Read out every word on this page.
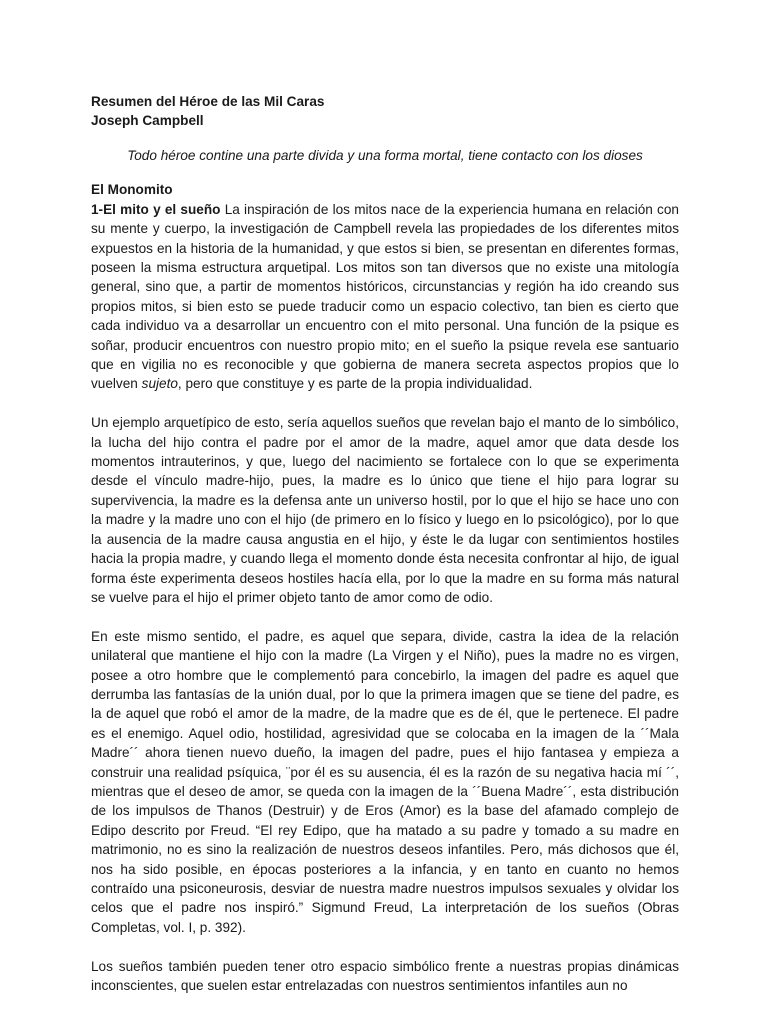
Resumen del Héroe de las Mil Caras
Joseph Campbell
Todo héroe contine una parte divida y una forma mortal, tiene contacto con los dioses
El Monomito

1-El mito y el sueño La inspiración de los mitos nace de la experiencia humana en relación con su mente y cuerpo, la investigación de Campbell revela las propiedades de los diferentes mitos expuestos en la historia de la humanidad, y que estos si bien, se presentan en diferentes formas, poseen la misma estructura arquetipal. Los mitos son tan diversos que no existe una mitología general, sino que, a partir de momentos históricos, circunstancias y región ha ido creando sus propios mitos, si bien esto se puede traducir como un espacio colectivo, tan bien es cierto que cada individuo va a desarrollar un encuentro con el mito personal. Una función de la psique es soñar, producir encuentros con nuestro propio mito; en el sueño la psique revela ese santuario que en vigilia no es reconocible y que gobierna de manera secreta aspectos propios que lo vuelven sujeto, pero que constituye y es parte de la propia individualidad.

Un ejemplo arquetípico de esto, sería aquellos sueños que revelan bajo el manto de lo simbólico, la lucha del hijo contra el padre por el amor de la madre, aquel amor que data desde los momentos intrauterinos, y que, luego del nacimiento se fortalece con lo que se experimenta desde el vínculo madre-hijo, pues, la madre es lo único que tiene el hijo para lograr su supervivencia, la madre es la defensa ante un universo hostil, por lo que el hijo se hace uno con la madre y la madre uno con el hijo (de primero en lo físico y luego en lo psicológico), por lo que la ausencia de la madre causa angustia en el hijo, y éste le da lugar con sentimientos hostiles hacia la propia madre, y cuando llega el momento donde ésta necesita confrontar al hijo, de igual forma éste experimenta deseos hostiles hacía ella, por lo que la madre en su forma más natural se vuelve para el hijo el primer objeto tanto de amor como de odio.

En este mismo sentido, el padre, es aquel que separa, divide, castra la idea de la relación unilateral que mantiene el hijo con la madre (La Virgen y el Niño), pues la madre no es virgen, posee a otro hombre que le complementó para concebirlo, la imagen del padre es aquel que derrumba las fantasías de la unión dual, por lo que la primera imagen que se tiene del padre, es la de aquel que robó el amor de la madre, de la madre que es de él, que le pertenece. El padre es el enemigo. Aquel odio, hostilidad, agresividad que se colocaba en la imagen de la ´´Mala Madre´´ ahora tienen nuevo dueño, la imagen del padre, pues el hijo fantasea y empieza a construir una realidad psíquica, ¨por él es su ausencia, él es la razón de su negativa hacia mí ´´, mientras que el deseo de amor, se queda con la imagen de la ´´Buena Madre´´, esta distribución de los impulsos de Thanos (Destruir) y de Eros (Amor) es la base del afamado complejo de Edipo descrito por Freud. “El rey Edipo, que ha matado a su padre y tomado a su madre en matrimonio, no es sino la realización de nuestros deseos infantiles. Pero, más dichosos que él, nos ha sido posible, en épocas posteriores a la infancia, y en tanto en cuanto no hemos contraído una psiconeurosis, desviar de nuestra madre nuestros impulsos sexuales y olvidar los celos que el padre nos inspiró.” Sigmund Freud, La interpretación de los sueños (Obras Completas, vol. I, p. 392).

Los sueños también pueden tener otro espacio simbólico frente a nuestras propias dinámicas inconscientes, que suelen estar entrelazadas con nuestros sentimientos infantiles aun no
